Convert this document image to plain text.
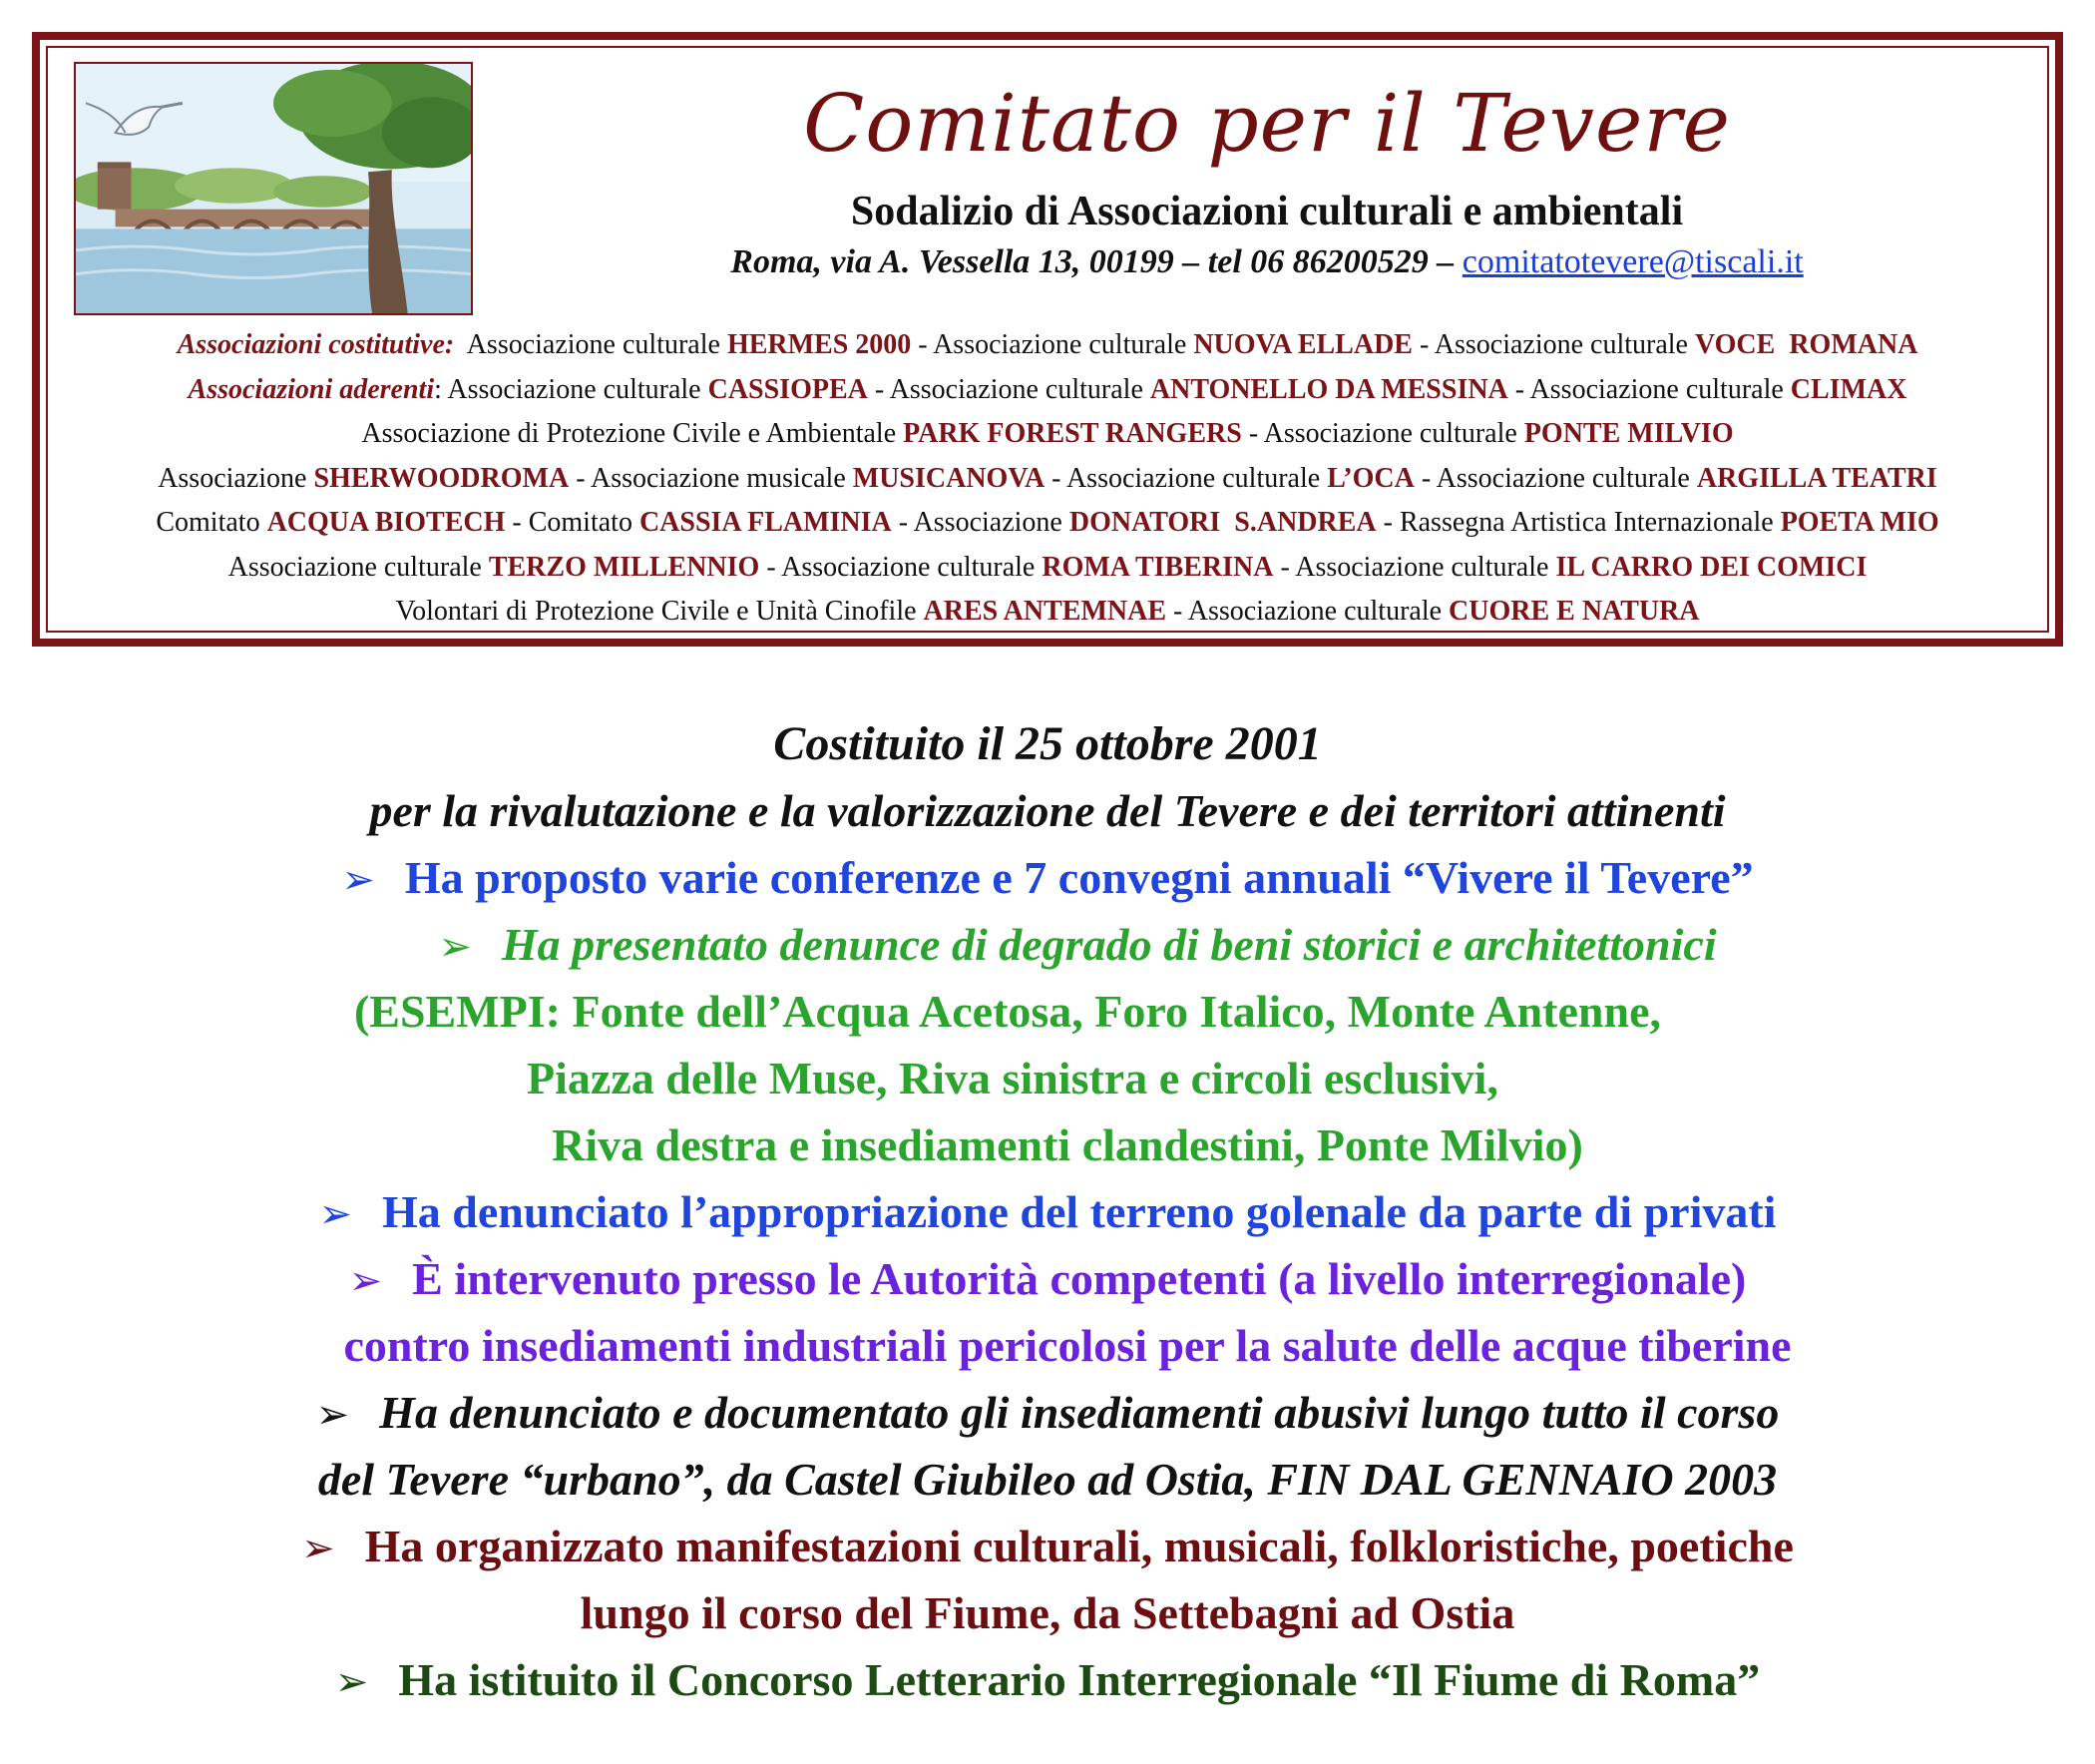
Comitato per il Tevere
Sodalizio di Associazioni culturali e ambientali
Roma, via A. Vessella 13, 00199 – tel 06 86200529 – comitatotevere@tiscali.it
Associazioni costitutive:  Associazione culturale HERMES 2000 - Associazione culturale NUOVA ELLADE - Associazione culturale VOCE  ROMANA
Associazioni aderenti: Associazione culturale CASSIOPEA - Associazione culturale ANTONELLO DA MESSINA - Associazione culturale CLIMAX
Associazione di Protezione Civile e Ambientale PARK FOREST RANGERS - Associazione culturale PONTE MILVIO
Associazione SHERWOODROMA - Associazione musicale MUSICANOVA - Associazione culturale L’OCA - Associazione culturale ARGILLA TEATRI
Comitato ACQUA BIOTECH - Comitato CASSIA FLAMINIA - Associazione DONATORI  S.ANDREA - Rassegna Artistica Internazionale POETA MIO
Associazione culturale TERZO MILLENNIO - Associazione culturale ROMA TIBERINA - Associazione culturale IL CARRO DEI COMICI
Volontari di Protezione Civile e Unità Cinofile ARES ANTEMNAE - Associazione culturale CUORE E NATURA
Costituito il 25 ottobre 2001
per la rivalutazione e la valorizzazione del Tevere e dei territori attinenti
➢ Ha proposto varie conferenze e 7 convegni annuali “Vivere il Tevere”
➢ Ha presentato denunce di degrado di beni storici e architettonici
(ESEMPI: Fonte dell’Acqua Acetosa, Foro Italico, Monte Antenne,
Piazza delle Muse, Riva sinistra e circoli esclusivi,
Riva destra e insediamenti clandestini, Ponte Milvio)
➢ Ha denunciato l’appropriazione del terreno golenale da parte di privati
➢ È intervenuto presso le Autorità competenti (a livello interregionale)
contro insediamenti industriali pericolosi per la salute delle acque tiberine
➢ Ha denunciato e documentato gli insediamenti abusivi lungo tutto il corso
del Tevere “urbano”, da Castel Giubileo ad Ostia, FIN DAL GENNAIO 2003
➢ Ha organizzato manifestazioni culturali, musicali, folkloristiche, poetiche
lungo il corso del Fiume, da Settebagni ad Ostia
➢ Ha istituito il Concorso Letterario Interregionale “Il Fiume di Roma”
